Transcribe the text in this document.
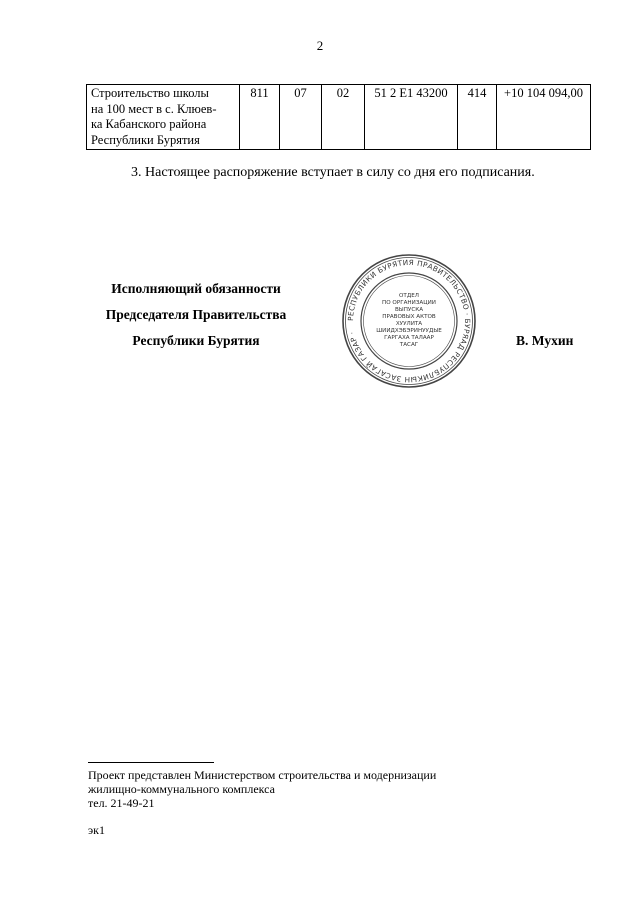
2
Строительство школы
на 100 мест в с. Клюев-
ка Кабанского района
Республики Бурятия	811	07	02	51 2 Е1 43200	414	+10 104 094,00
3. Настоящее распоряжение вступает в силу со дня его подписания.
Исполняющий обязанности
Председателя Правительства
Республики Бурятия	В. Мухин
РЕСПУБЛИКИ БУРЯТИЯ ПРАВИТЕЛЬСТВО · БУРЯАД РЕСПУБЛИКЫН ЗАСАГАЙ ГАЗАР ·
ОТДЕЛ
ПО ОРГАНИЗАЦИИ
ВЫПУСКА
ПРАВОВЫХ АКТОВ
ХУУЛИТА
ШИИДХЭБЭРИНУУДЫЕ
ГАРГАХА ТАЛААР
ТАСАГ
Проект представлен Министерством строительства и модернизации
жилищно-коммунального комплекса
тел. 21-49-21
эк1
